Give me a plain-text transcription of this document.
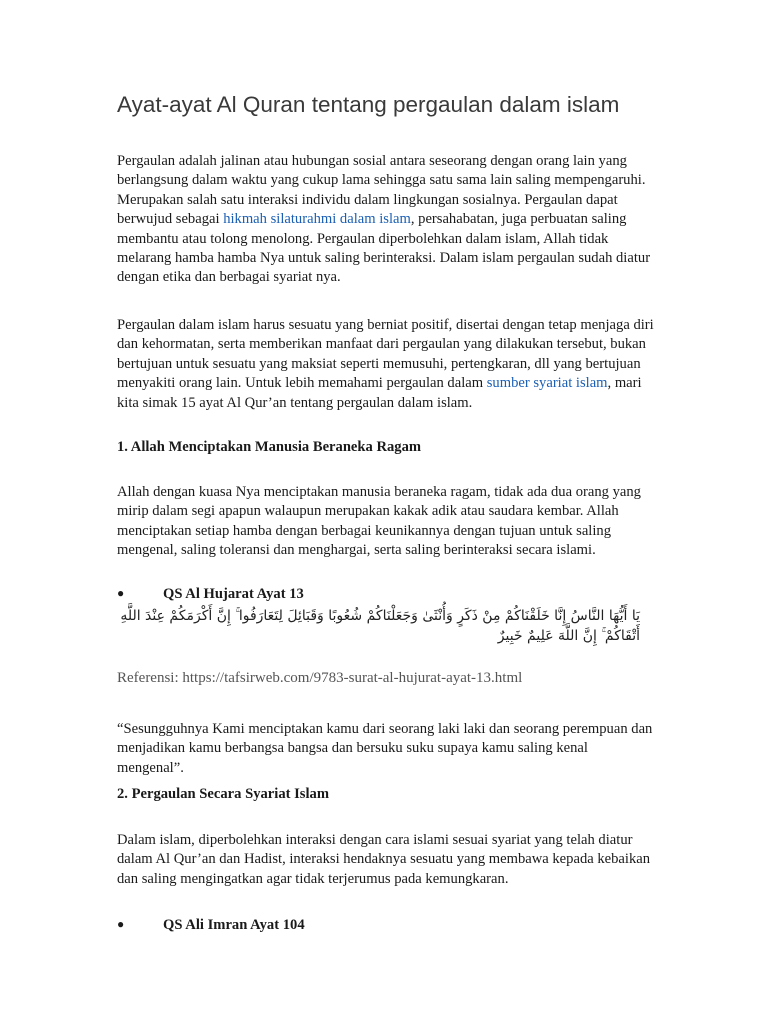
Ayat-ayat Al Quran tentang pergaulan dalam islam

Pergaulan adalah jalinan atau hubungan sosial antara seseorang dengan orang lain yang berlangsung dalam waktu yang cukup lama sehingga satu sama lain saling mempengaruhi. Merupakan salah satu interaksi individu dalam lingkungan sosialnya. Pergaulan dapat berwujud sebagai hikmah silaturahmi dalam islam, persahabatan, juga perbuatan saling membantu atau tolong menolong. Pergaulan diperbolehkan dalam islam, Allah tidak melarang hamba hamba Nya untuk saling berinteraksi. Dalam islam pergaulan sudah diatur dengan etika dan berbagai syariat nya.

Pergaulan dalam islam harus sesuatu yang berniat positif, disertai dengan tetap menjaga diri dan kehormatan, serta memberikan manfaat dari pergaulan yang dilakukan tersebut, bukan bertujuan untuk sesuatu yang maksiat seperti memusuhi, pertengkaran, dll yang bertujuan menyakiti orang lain. Untuk lebih memahami pergaulan dalam sumber syariat islam, mari kita simak 15 ayat Al Qur’an tentang pergaulan dalam islam.

1. Allah Menciptakan Manusia Beraneka Ragam

Allah dengan kuasa Nya menciptakan manusia beraneka ragam, tidak ada dua orang yang mirip dalam segi apapun walaupun merupakan kakak adik atau saudara kembar. Allah menciptakan setiap hamba dengan berbagai keunikannya dengan tujuan untuk saling mengenal, saling toleransi dan menghargai, serta saling berinteraksi secara islami.

●	QS Al Hujarat Ayat 13
يَا أَيُّهَا النَّاسُ إِنَّا خَلَقْنَاكُمْ مِنْ ذَكَرٍ وَأُنْثَىٰ وَجَعَلْنَاكُمْ شُعُوبًا وَقَبَائِلَ لِتَعَارَفُوا ۚ إِنَّ أَكْرَمَكُمْ عِنْدَ اللَّهِ أَتْقَاكُمْ ۚ إِنَّ اللَّهَ عَلِيمٌ خَبِيرٌ
Referensi: https://tafsirweb.com/9783-surat-al-hujurat-ayat-13.html

“Sesungguhnya Kami menciptakan kamu dari seorang laki laki dan seorang perempuan dan menjadikan kamu berbangsa bangsa dan bersuku suku supaya kamu saling kenal mengenal”.

2. Pergaulan Secara Syariat Islam

Dalam islam, diperbolehkan interaksi dengan cara islami sesuai syariat yang telah diatur dalam Al Qur’an dan Hadist, interaksi hendaknya sesuatu yang membawa kepada kebaikan dan saling mengingatkan agar tidak terjerumus pada kemungkaran.

●	QS Ali Imran Ayat 104
